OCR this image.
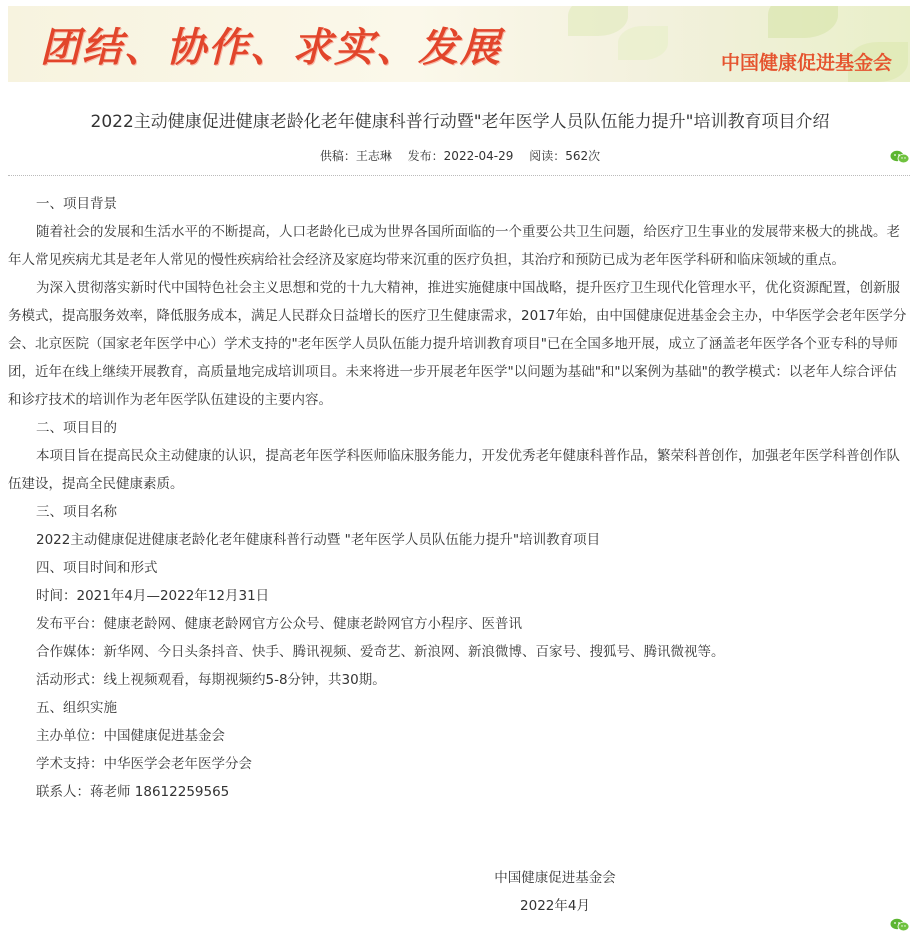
团结、协作、求实、发展	中国健康促进基金会
2022主动健康促进健康老龄化老年健康科普行动暨"老年医学人员队伍能力提升"培训教育项目介绍
供稿：王志琳 发布：2022-04-29 阅读：562次

一、项目背景

随着社会的发展和生活水平的不断提高，人口老龄化已成为世界各国所面临的一个重要公共卫生问题，给医疗卫生事业的发展带来极大的挑战。老年人常见疾病尤其是老年人常见的慢性疾病给社会经济及家庭均带来沉重的医疗负担，其治疗和预防已成为老年医学科研和临床领域的重点。

为深入贯彻落实新时代中国特色社会主义思想和党的十九大精神，推进实施健康中国战略，提升医疗卫生现代化管理水平，优化资源配置，创新服务模式，提高服务效率，降低服务成本，满足人民群众日益增长的医疗卫生健康需求，2017年始，由中国健康促进基金会主办，中华医学会老年医学分会、北京医院（国家老年医学中心）学术支持的"老年医学人员队伍能力提升培训教育项目"已在全国多地开展，成立了涵盖老年医学各个亚专科的导师团，近年在线上继续开展教育，高质量地完成培训项目。未来将进一步开展老年医学"以问题为基础"和"以案例为基础"的教学模式：以老年人综合评估和诊疗技术的培训作为老年医学队伍建设的主要内容。

二、项目目的

本项目旨在提高民众主动健康的认识，提高老年医学科医师临床服务能力，开发优秀老年健康科普作品，繁荣科普创作，加强老年医学科普创作队伍建设，提高全民健康素质。

三、项目名称

2022主动健康促进健康老龄化老年健康科普行动暨 "老年医学人员队伍能力提升"培训教育项目

四、项目时间和形式

时间：2021年4月—2022年12月31日

发布平台：健康老龄网、健康老龄网官方公众号、健康老龄网官方小程序、医普讯

合作媒体：新华网、今日头条抖音、快手、腾讯视频、爱奇艺、新浪网、新浪微博、百家号、搜狐号、腾讯微视等。

活动形式：线上视频观看，每期视频约5-8分钟，共30期。

五、组织实施

主办单位：中国健康促进基金会

学术支持：中华医学会老年医学分会

联系人：蒋老师 18612259565

中国健康促进基金会
2022年4月
